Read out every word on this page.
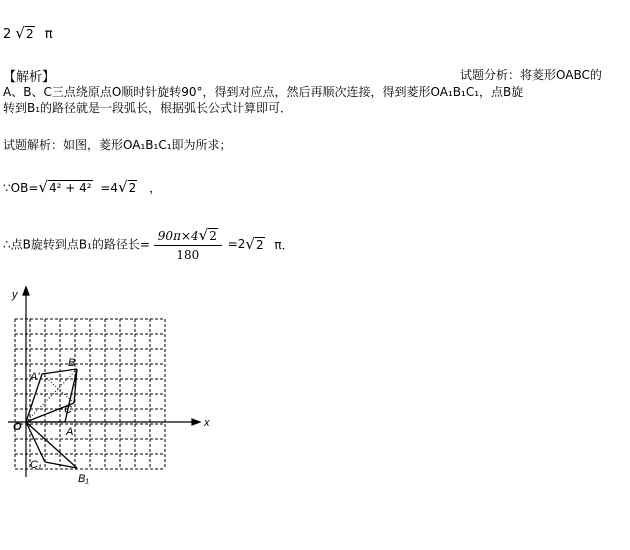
2 √2 π
【解析】	试题分析：将菱形OABC的
A、B、C三点绕原点O顺时针旋转90°，得到对应点，然后再顺次连接，得到菱形OA₁B₁C₁，点B旋
转到B₁的路径就是一段弧长，根据弧长公式计算即可．
试题解析：如图，菱形OA₁B₁C₁即为所求；
∵OB=√4² + 4² =4√2 ，
∴点B旋转到点B₁的路径长= $\frac{90\pi\times 4√2}{180} =2√2$ π．
x
y
O	A
B
C
A'
B₁
C₁
